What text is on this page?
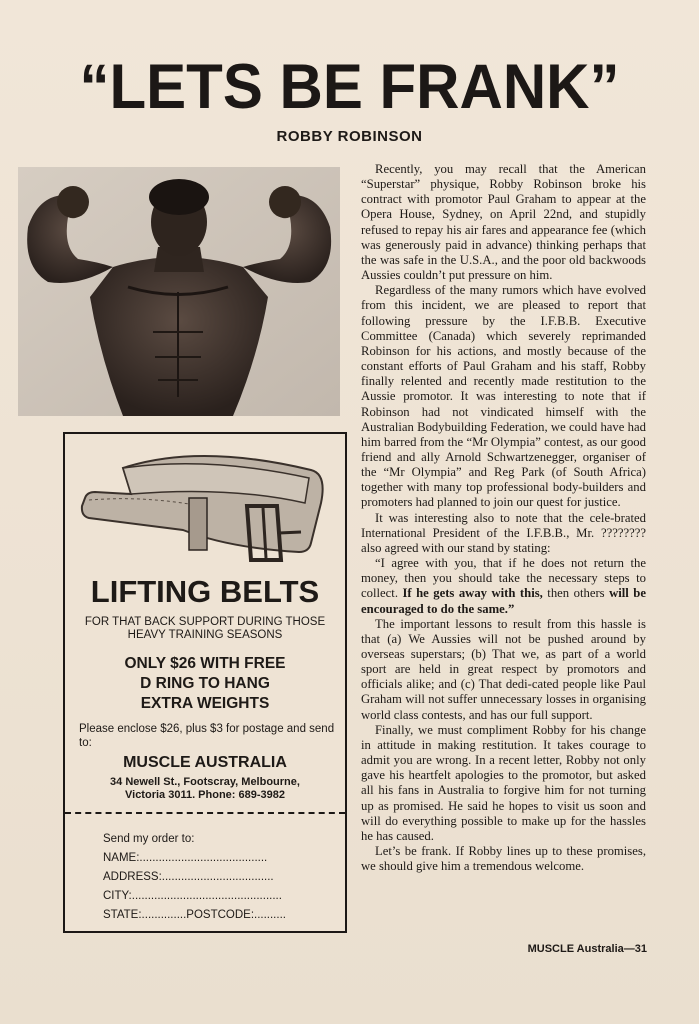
“LETS BE FRANK”
ROBBY ROBINSON
LIFTING BELTS
FOR THAT BACK SUPPORT DURING THOSE
HEAVY TRAINING SEASONS
ONLY $26 WITH FREE
D RING TO HANG
EXTRA WEIGHTS
Please enclose $26, plus $3 for postage and send to:
MUSCLE AUSTRALIA
34 Newell St., Footscray, Melbourne,
Victoria 3011. Phone: 689-3982
Send my order to:
NAME:........................................
ADDRESS:...................................
CITY:...............................................
STATE:..............POSTCODE:..........

Recently, you may recall that the American “Superstar” physique, Robby Robinson broke his contract with promotor Paul Graham to appear at the Opera House, Sydney, on April 22nd, and stupidly refused to repay his air fares and appearance fee (which was generously paid in advance) thinking perhaps that the was safe in the U.S.A., and the poor old backwoods Aussies couldn’t put pressure on him.

Regardless of the many rumors which have evolved from this incident, we are pleased to report that following pressure by the I.F.B.B. Executive Committee (Canada) which severely reprimanded Robinson for his actions, and mostly because of the constant efforts of Paul Graham and his staff, Robby finally relented and recently made restitution to the Aussie promotor. It was interesting to note that if Robinson had not vindicated himself with the Australian Bodybuilding Federation, we could have had him barred from the “Mr Olympia” contest, as our good friend and ally Arnold Schwartzenegger, organiser of the “Mr Olympia” and Reg Park (of South Africa) together with many top professional body-builders and promoters had planned to join our quest for justice.

It was interesting also to note that the cele-brated International President of the I.F.B.B., Mr. ???????? also agreed with our stand by stating:

“I agree with you, that if he does not return the money, then you should take the necessary steps to collect. If he gets away with this, then others will be encouraged to do the same.”

The important lessons to result from this hassle is that (a) We Aussies will not be pushed around by overseas superstars; (b) That we, as part of a world sport are held in great respect by promotors and officials alike; and (c) That dedi-cated people like Paul Graham will not suffer unnecessary losses in organising world class contests, and has our full support.

Finally, we must compliment Robby for his change in attitude in making restitution. It takes courage to admit you are wrong. In a recent letter, Robby not only gave his heartfelt apologies to the promotor, but asked all his fans in Australia to forgive him for not turning up as promised. He said he hopes to visit us soon and will do everything possible to make up for the hassles he has caused.

Let’s be frank. If Robby lines up to these promises, we should give him a tremendous welcome.

MUSCLE Australia—31
